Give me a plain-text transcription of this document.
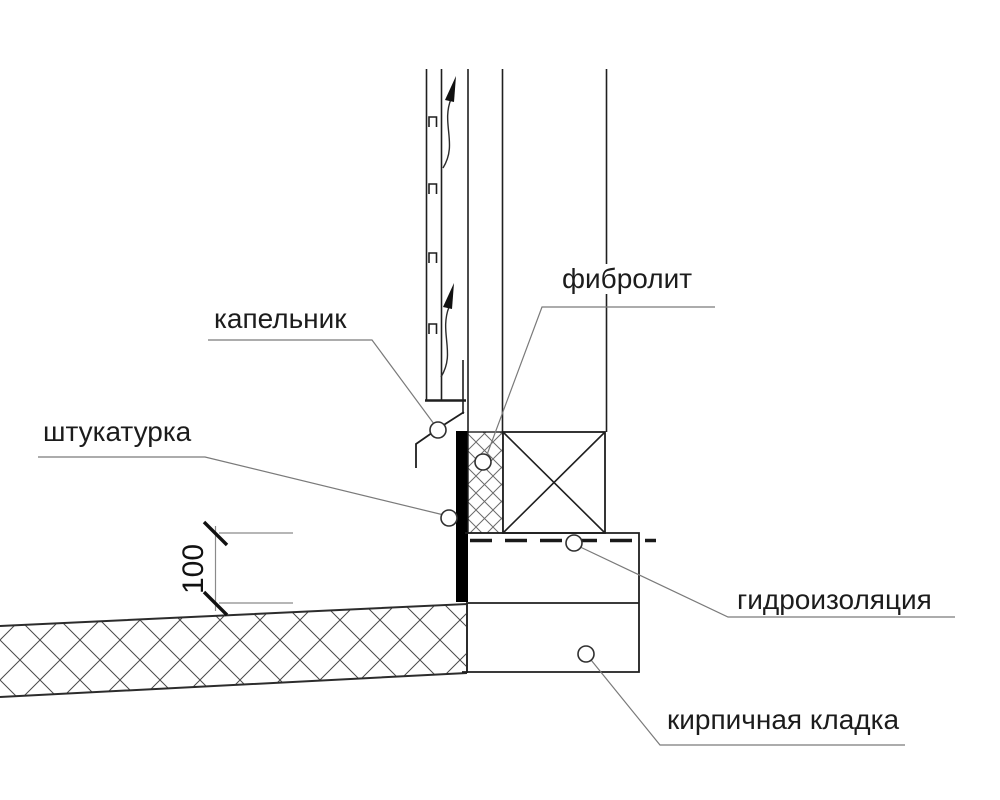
капельник
фибролит
штукатурка
гидроизоляция
кирпичная кладка
100
